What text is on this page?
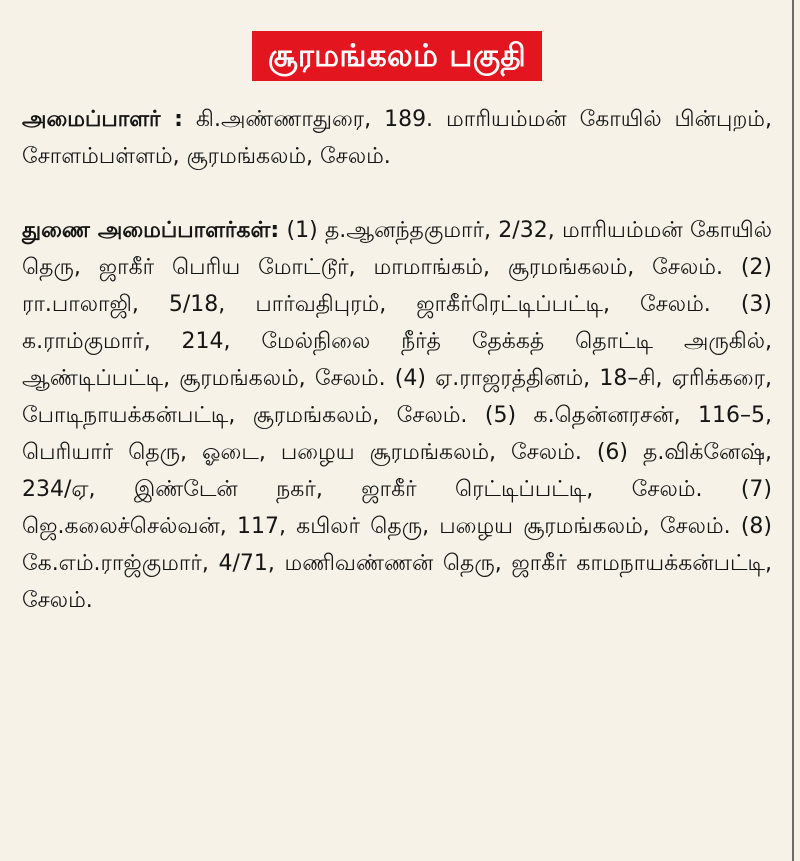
சூரமங்கலம் பகுதி

அமைப்பாளர் : கி.அண்ணாதுரை, 189. மாரியம்மன் கோயில் பின்புறம், சோளம்பள்ளம், சூரமங்கலம், சேலம்.

துணை அமைப்பாளர்கள்: (1) த.ஆனந்தகுமார், 2/32, மாரியம்மன் கோயில் தெரு, ஜாகீர் பெரிய மோட்டூர், மாமாங்கம், சூரமங்கலம், சேலம். (2) ரா.பாலாஜி, 5/18, பார்வதிபுரம், ஜாகீர்ரெட்டிப்பட்டி, சேலம். (3) க.ராம்குமார், 214, மேல்நிலை நீர்த் தேக்கத் தொட்டி அருகில், ஆண்டிப்பட்டி, சூரமங்கலம், சேலம். (4) ஏ.ராஜரத்தினம், 18–சி, ஏரிக்கரை, போடிநாயக்கன்பட்டி, சூரமங்கலம், சேலம். (5) க.தென்னரசன், 116–5, பெரியார் தெரு, ஓடை, பழைய சூரமங்கலம், சேலம். (6) த.விக்னேஷ், 234/ஏ, இண்டேன் நகர், ஜாகீர் ரெட்டிப்பட்டி, சேலம். (7) ஜெ.கலைச்செல்வன், 117, கபிலர் தெரு, பழைய சூரமங்கலம், சேலம். (8) கே.எம்.ராஜ்குமார், 4/71, மணிவண்ணன் தெரு, ஜாகீர் காமநாயக்கன்பட்டி, சேலம்.
